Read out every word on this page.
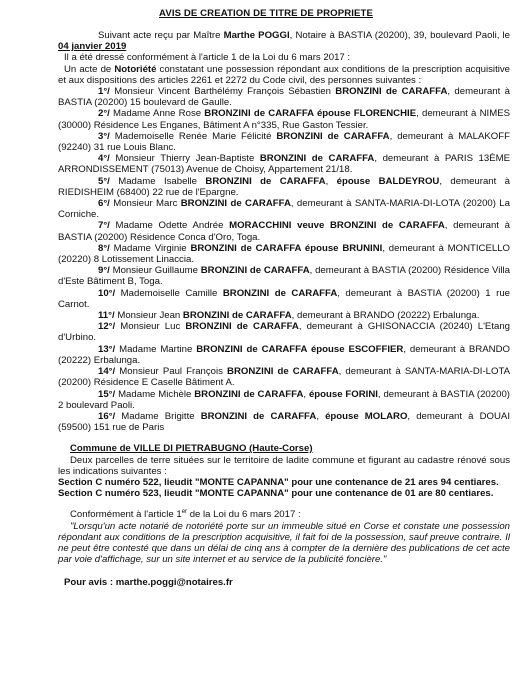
AVIS DE CREATION DE TITRE DE PROPRIETE

Suivant acte reçu par Maître Marthe POGGI, Notaire à BASTIA (20200), 39, boulevard Paoli, le 04 janvier 2019

Il a été dressé conformément à l'article 1 de la Loi du 6 mars 2017 :

Un acte de Notoriété constatant une possession répondant aux conditions de la prescription acquisitive et aux dispositions des articles 2261 et 2272 du Code civil, des personnes suivantes :

1°/ Monsieur Vincent Barthélémy François Sébastien BRONZINI de CARAFFA, demeurant à BASTIA (20200) 15 boulevard de Gaulle.

2°/ Madame Anne Rose BRONZINI de CARAFFA épouse FLORENCHIE, demeurant à NIMES (30000) Résidence Les Enganes, Bâtiment A n°335, Rue Gaston Tessier.

3°/ Mademoiselle Renée Marie Félicité BRONZINI de CARAFFA, demeurant à MALAKOFF (92240) 31 rue Louis Blanc.

4°/ Monsieur Thierry Jean-Baptiste BRONZINI de CARAFFA, demeurant à PARIS 13ÈME ARRONDISSEMENT (75013) Avenue de Choisy, Appartement 21/18.

5°/ Madame Isabelle BRONZINI de CARAFFA, épouse BALDEYROU, demeurant à RIEDISHEIM (68400) 22 rue de l'Epargne.

6°/ Monsieur Marc BRONZINI de CARAFFA, demeurant à SANTA-MARIA-DI-LOTA (20200) La Corniche.

7°/ Madame Odette Andrée MORACCHINI veuve BRONZINI de CARAFFA, demeurant à BASTIA (20200) Résidence Conca d'Oro, Toga.

8°/ Madame Virginie BRONZINI de CARAFFA épouse BRUNINI, demeurant à MONTICELLO (20220) 8 Lotissement Linaccia.

9°/ Monsieur Guillaume BRONZINI de CARAFFA, demeurant à BASTIA (20200) Résidence Villa d'Este Bâtiment B, Toga.

10°/ Mademoiselle Camille BRONZINI de CARAFFA, demeurant à BASTIA (20200) 1 rue Carnot.

11°/ Monsieur Jean BRONZINI de CARAFFA, demeurant à BRANDO (20222) Erbalunga.

12°/ Monsieur Luc BRONZINI de CARAFFA, demeurant à GHISONACCIA (20240) L'Etang d'Urbino.

13°/ Madame Martine BRONZINI de CARAFFA épouse ESCOFFIER, demeurant à BRANDO (20222) Erbalunga.

14°/ Monsieur Paul François BRONZINI de CARAFFA, demeurant à SANTA-MARIA-DI-LOTA (20200) Résidence E Caselle Bâtiment A.

15°/ Madame Michèle BRONZINI de CARAFFA, épouse FORINI, demeurant à BASTIA (20200) 2 boulevard Paoli.

16°/ Madame Brigitte BRONZINI de CARAFFA, épouse MOLARO, demeurant à DOUAI (59500) 151 rue de Paris

Commune de VILLE DI PIETRABUGNO (Haute-Corse)

Deux parcelles de terre situées sur le territoire de ladite commune et figurant au cadastre rénové sous les indications suivantes :

Section C numéro 522, lieudit "MONTE CAPANNA" pour une contenance de 21 ares 94 centiares.

Section C numéro 523, lieudit "MONTE CAPANNA" pour une contenance de 01 are 80 centiares.

Conformément à l'article 1er de la Loi du 6 mars 2017 :

"Lorsqu'un acte notarié de notoriété porte sur un immeuble situé en Corse et constate une possession répondant aux conditions de la prescription acquisitive, il fait foi de la possession, sauf preuve contraire. Il ne peut être contesté que dans un délai de cinq ans à compter de la dernière des publications de cet acte par voie d'affichage, sur un site internet et au service de la publicité foncière."

Pour avis : marthe.poggi@notaires.fr
